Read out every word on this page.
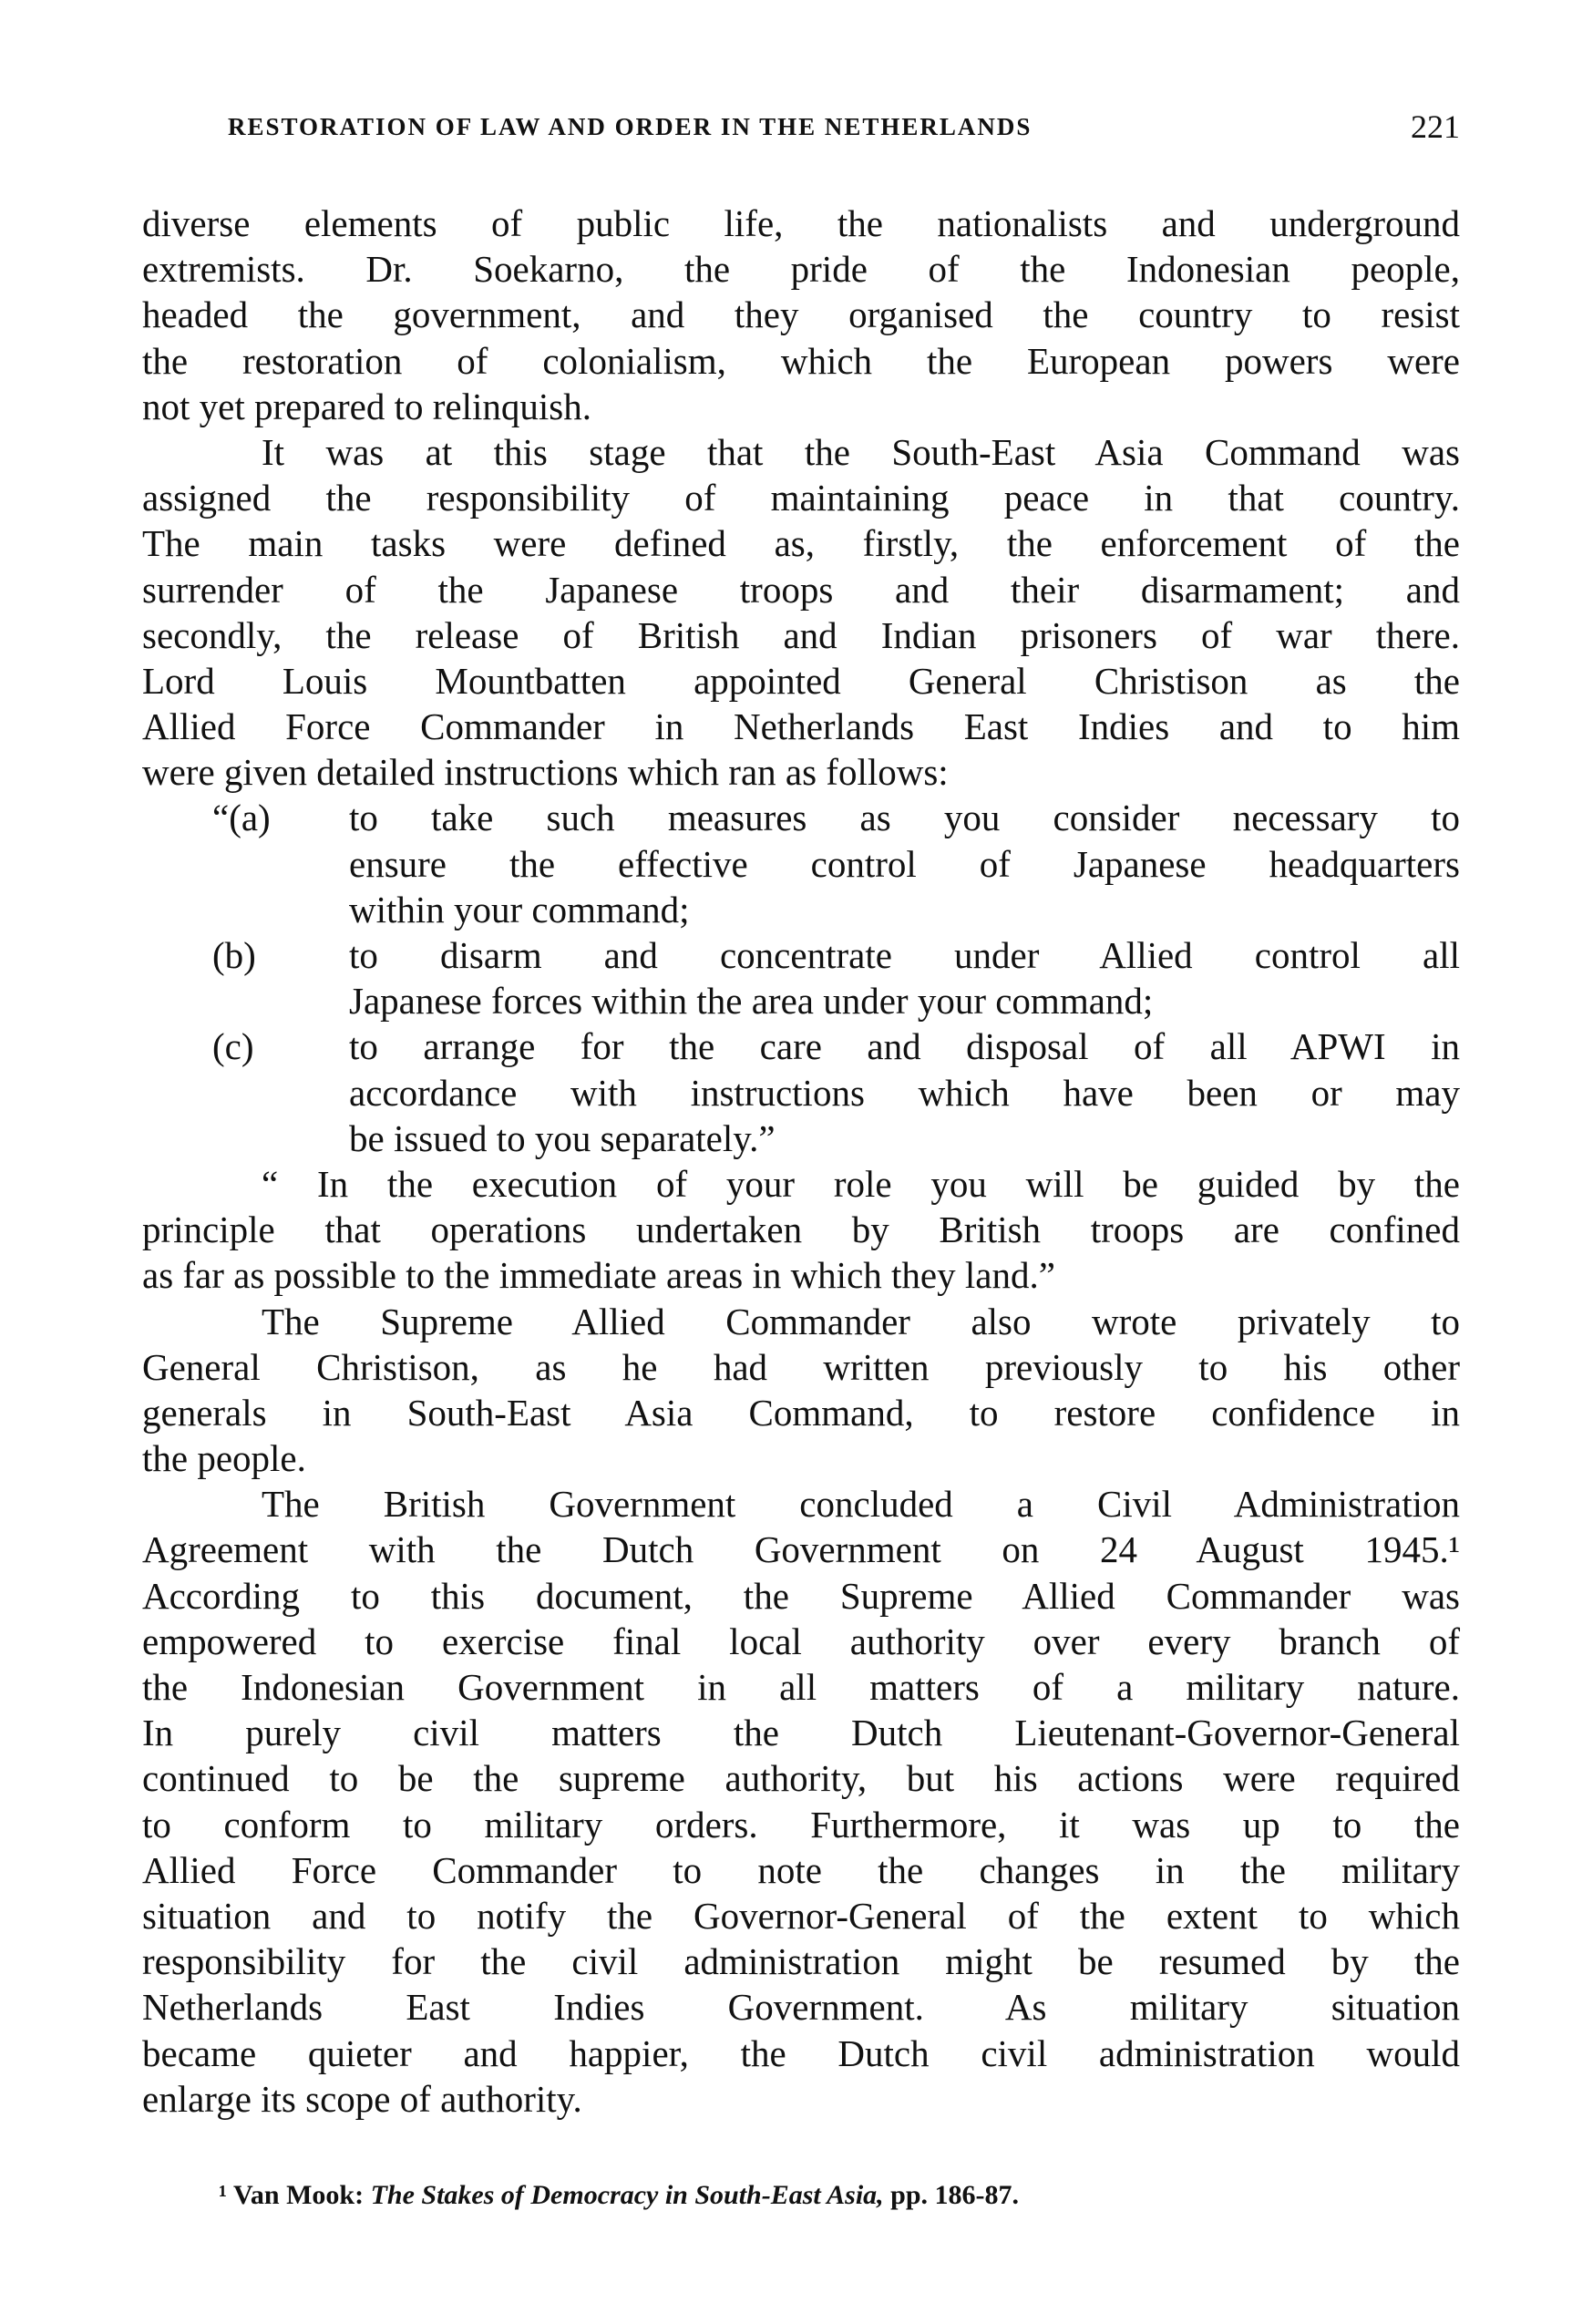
RESTORATION OF LAW AND ORDER IN THE NETHERLANDS	221
diverse elements of public life, the nationalists and underground
extremists. Dr. Soekarno, the pride of the Indonesian people,
headed the government, and they organised the country to resist
the restoration of colonialism, which the European powers were
not yet prepared to relinquish.
It was at this stage that the South-East Asia Command was
assigned the responsibility of maintaining peace in that country.
The main tasks were defined as, firstly, the enforcement of the
surrender of the Japanese troops and their disarmament; and
secondly, the release of British and Indian prisoners of war there.
Lord Louis Mountbatten appointed General Christison as the
Allied Force Commander in Netherlands East Indies and to him
were given detailed instructions which ran as follows:
“(a) to take such measures as you consider necessary to
ensure the effective control of Japanese headquarters
within your command;
(b) to disarm and concentrate under Allied control all
Japanese forces within the area under your command;
(c)	to arrange for the care and disposal of all APWI in
accordance with instructions which have been or may
be issued to you separately.”
“ In the execution of your role you will be guided by the
principle that operations undertaken by British troops are confined
as far as possible to the immediate areas in which they land.”
The Supreme Allied Commander also wrote privately to
General Christison, as he had written previously to his other
generals in South-East Asia Command, to restore confidence in
the people.
The British Government concluded a Civil Administration
Agreement with the Dutch Government on 24 August 1945.¹
According to this document, the Supreme Allied Commander was
empowered to exercise final local authority over every branch of
the Indonesian Government in all matters of a military nature.
In purely civil matters the Dutch Lieutenant-Governor-General
continued to be the supreme authority, but his actions were required
to conform to military orders. Furthermore, it was up to the
Allied Force Commander to note the changes in the military
situation and to notify the Governor-General of the extent to which
responsibility for the civil administration might be resumed by the
Netherlands East Indies Government. As military situation
became quieter and happier, the Dutch civil administration would
enlarge its scope of authority.
¹ Van Mook: The Stakes of Democracy in South-East Asia, pp. 186-87.
